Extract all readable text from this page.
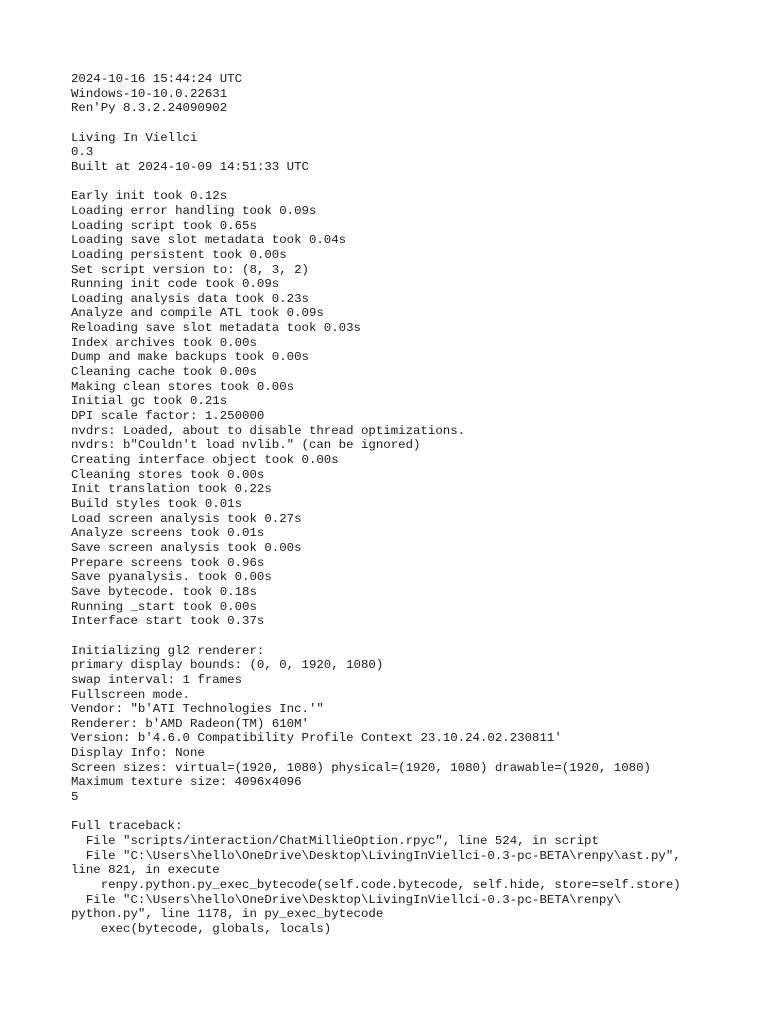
2024-10-16 15:44:24 UTC
Windows-10-10.0.22631
Ren'Py 8.3.2.24090902
Living In Viellci
0.3
Built at 2024-10-09 14:51:33 UTC
Early init took 0.12s
Loading error handling took 0.09s
Loading script took 0.65s
Loading save slot metadata took 0.04s
Loading persistent took 0.00s
Set script version to: (8, 3, 2)
Running init code took 0.09s
Loading analysis data took 0.23s
Analyze and compile ATL took 0.09s
Reloading save slot metadata took 0.03s
Index archives took 0.00s
Dump and make backups took 0.00s
Cleaning cache took 0.00s
Making clean stores took 0.00s
Initial gc took 0.21s
DPI scale factor: 1.250000
nvdrs: Loaded, about to disable thread optimizations.
nvdrs: b"Couldn't load nvlib." (can be ignored)
Creating interface object took 0.00s
Cleaning stores took 0.00s
Init translation took 0.22s
Build styles took 0.01s
Load screen analysis took 0.27s
Analyze screens took 0.01s
Save screen analysis took 0.00s
Prepare screens took 0.96s
Save pyanalysis. took 0.00s
Save bytecode. took 0.18s
Running _start took 0.00s
Interface start took 0.37s
Initializing gl2 renderer:
primary display bounds: (0, 0, 1920, 1080)
swap interval: 1 frames
Fullscreen mode.
Vendor: "b'ATI Technologies Inc.'"
Renderer: b'AMD Radeon(TM) 610M'
Version: b'4.6.0 Compatibility Profile Context 23.10.24.02.230811'
Display Info: None
Screen sizes: virtual=(1920, 1080) physical=(1920, 1080) drawable=(1920, 1080)
Maximum texture size: 4096x4096
5
Full traceback:
File "scripts/interaction/ChatMillieOption.rpyc", line 524, in script
File "C:\Users\hello\OneDrive\Desktop\LivingInViellci-0.3-pc-BETA\renpy\ast.py",
line 821, in execute
renpy.python.py_exec_bytecode(self.code.bytecode, self.hide, store=self.store)
File "C:\Users\hello\OneDrive\Desktop\LivingInViellci-0.3-pc-BETA\renpy\
python.py", line 1178, in py_exec_bytecode
exec(bytecode, globals, locals)
